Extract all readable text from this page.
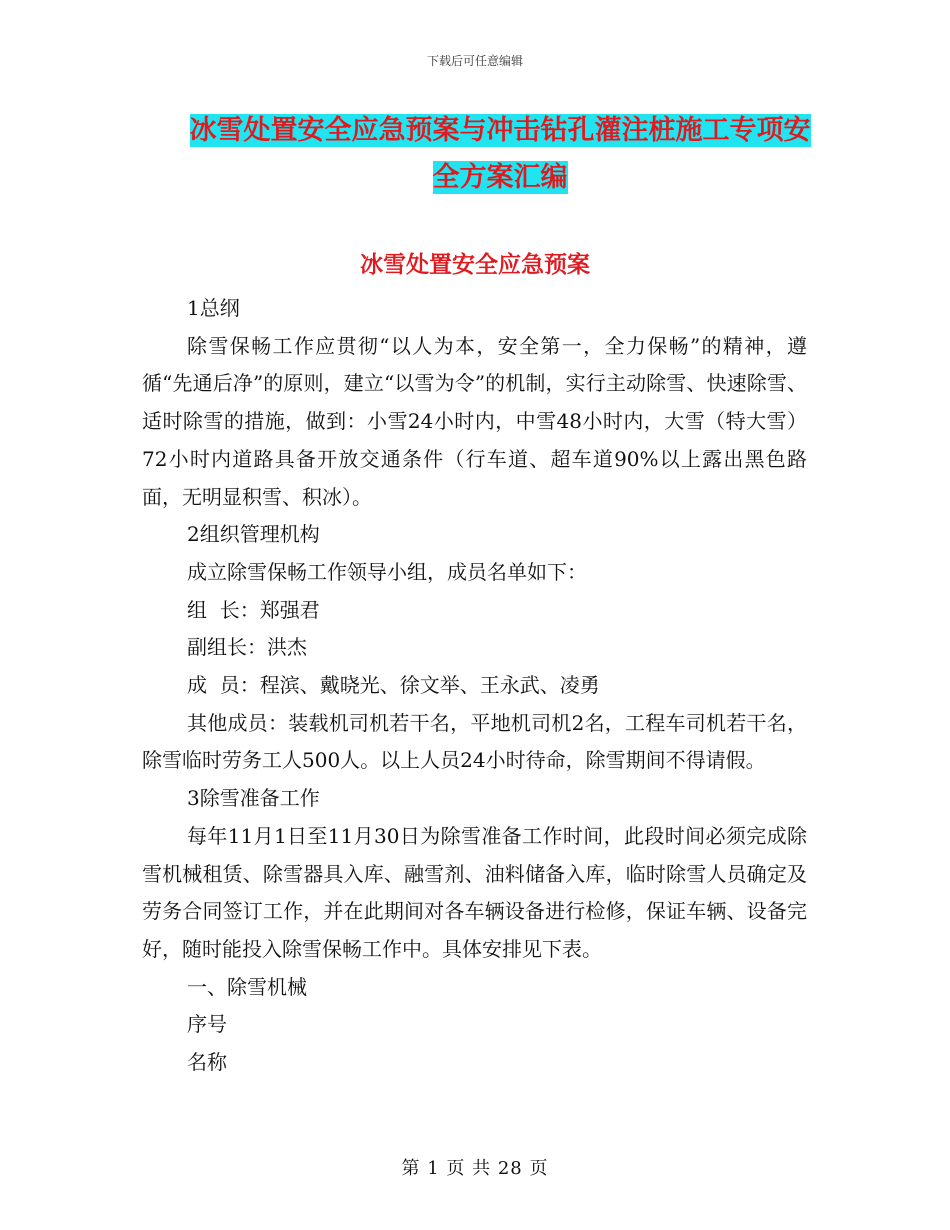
下载后可任意编辑
冰雪处置安全应急预案与冲击钻孔灌注桩施工专项安
全方案汇编
冰雪处置安全应急预案

1总纲

除雪保畅工作应贯彻“以人为本，安全第一，全力保畅”的精神，遵循“先通后净”的原则，建立“以雪为令”的机制，实行主动除雪、快速除雪、适时除雪的措施，做到：小雪24小时内，中雪48小时内，大雪（特大雪）72小时内道路具备开放交通条件（行车道、超车道90%以上露出黑色路面，无明显积雪、积冰）。

2组织管理机构

成立除雪保畅工作领导小组，成员名单如下：

组  长：郑强君

副组长：洪杰

成  员：程滨、戴晓光、徐文举、王永武、凌勇

其他成员：装载机司机若干名，平地机司机2名，工程车司机若干名，除雪临时劳务工人500人。以上人员24小时待命，除雪期间不得请假。

3除雪准备工作

每年11月1日至11月30日为除雪准备工作时间，此段时间必须完成除雪机械租赁、除雪器具入库、融雪剂、油料储备入库，临时除雪人员确定及劳务合同签订工作，并在此期间对各车辆设备进行检修，保证车辆、设备完好，随时能投入除雪保畅工作中。具体安排见下表。

一、除雪机械

序号

名称

第 1 页 共 28 页
